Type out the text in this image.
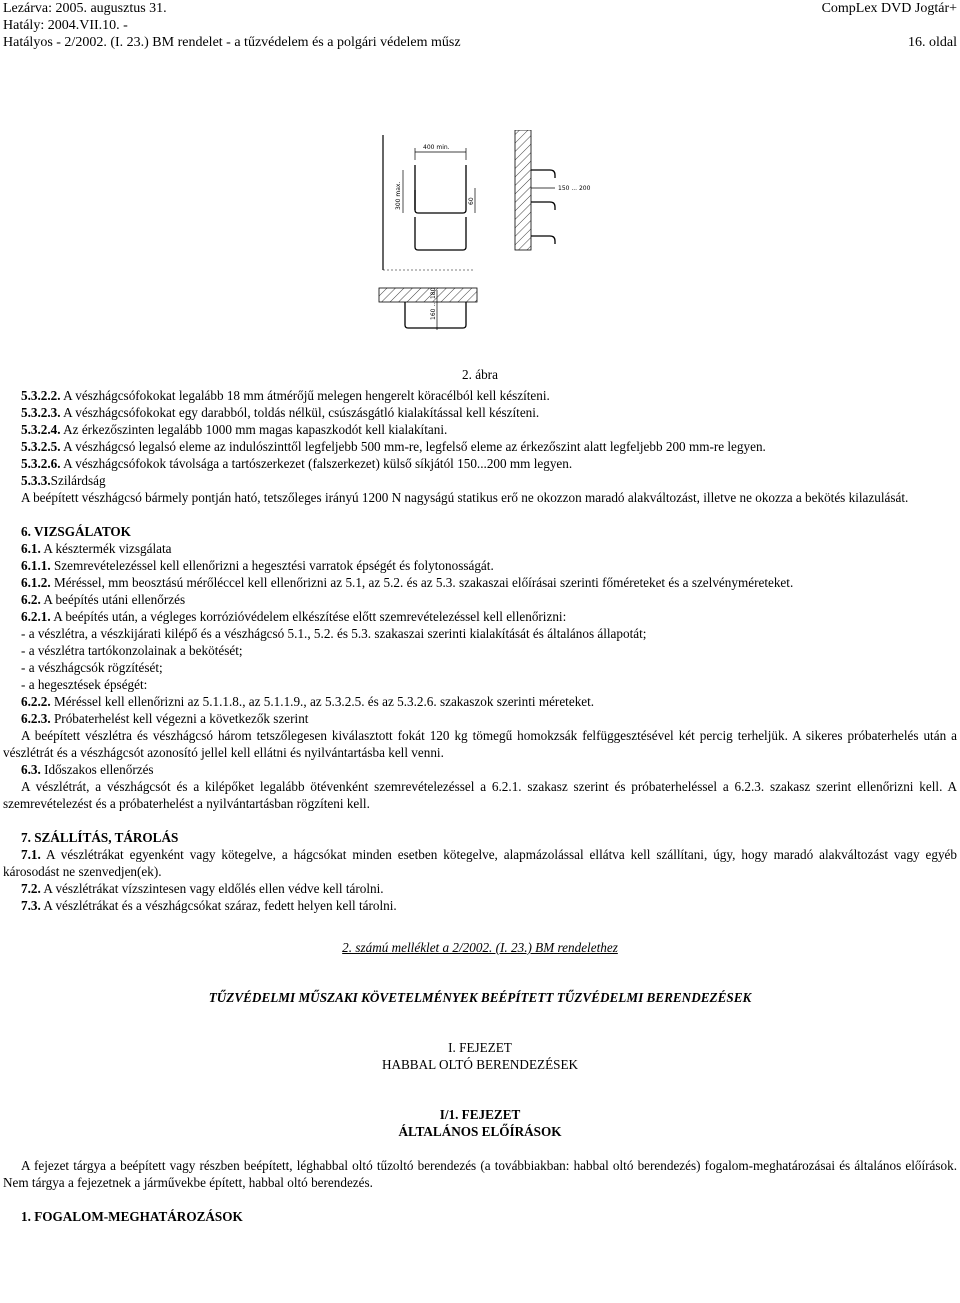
Lezárva: 2005. augusztus 31.	CompLex DVD Jogtár+
Hatály: 2004.VII.10. -
Hatályos - 2/2002. (I. 23.) BM rendelet - a tűzvédelem és a polgári védelem műsz	16. oldal
400 min.
300 max.	60
150 ... 200
160 ... 180
2. ábra

5.3.2.2. A vészhágcsófokokat legalább 18 mm átmérőjű melegen hengerelt köracélból kell készíteni.

5.3.2.3. A vészhágcsófokokat egy darabból, toldás nélkül, csúszásgátló kialakítással kell készíteni.

5.3.2.4. Az érkezőszinten legalább 1000 mm magas kapaszkodót kell kialakítani.

5.3.2.5. A vészhágcsó legalsó eleme az indulószinttől legfeljebb 500 mm-re, legfelső eleme az érkezőszint alatt legfeljebb 200 mm-re legyen.

5.3.2.6. A vészhágcsófokok távolsága a tartószerkezet (falszerkezet) külső síkjától 150...200 mm legyen.

5.3.3.Szilárdság

A beépített vészhágcsó bármely pontján ható, tetszőleges irányú 1200 N nagyságú statikus erő ne okozzon maradó alakváltozást, illetve ne okozza a bekötés kilazulását.

6. VIZSGÁLATOK

6.1. A késztermék vizsgálata

6.1.1. Szemrevételezéssel kell ellenőrizni a hegesztési varratok épségét és folytonosságát.

6.1.2. Méréssel, mm beosztású mérőléccel kell ellenőrizni az 5.1, az 5.2. és az 5.3. szakaszai előírásai szerinti főméreteket és a szelvényméreteket.

6.2. A beépítés utáni ellenőrzés

6.2.1. A beépítés után, a végleges korrózióvédelem elkészítése előtt szemrevételezéssel kell ellenőrizni:

- a vészlétra, a vészkijárati kilépő és a vészhágcsó 5.1., 5.2. és 5.3. szakaszai szerinti kialakítását és általános állapotát;

- a vészlétra tartókonzolainak a bekötését;

- a vészhágcsók rögzítését;

- a hegesztések épségét:

6.2.2. Méréssel kell ellenőrizni az 5.1.1.8., az 5.1.1.9., az 5.3.2.5. és az 5.3.2.6. szakaszok szerinti méreteket.

6.2.3. Próbaterhelést kell végezni a következők szerint

A beépített vészlétra és vészhágcsó három tetszőlegesen kiválasztott fokát 120 kg tömegű homokzsák felfüggesztésével két percig terheljük. A sikeres próbaterhelés után a vészlétrát és a vészhágcsót azonosító jellel kell ellátni és nyilvántartásba kell venni.

6.3. Időszakos ellenőrzés

A vészlétrát, a vészhágcsót és a kilépőket legalább ötévenként szemrevételezéssel a 6.2.1. szakasz szerint és próbaterheléssel a 6.2.3. szakasz szerint ellenőrizni kell. A szemrevételezést és a próbaterhelést a nyilvántartásban rögzíteni kell.

7. SZÁLLÍTÁS, TÁROLÁS

7.1. A vészlétrákat egyenként vagy kötegelve, a hágcsókat minden esetben kötegelve, alapmázolással ellátva kell szállítani, úgy, hogy maradó alakváltozást vagy egyéb károsodást ne szenvedjen(ek).

7.2. A vészlétrákat vízszintesen vagy eldőlés ellen védve kell tárolni.

7.3. A vészlétrákat és a vészhágcsókat száraz, fedett helyen kell tárolni.

2. számú melléklet a 2/2002. (I. 23.) BM rendelethez

TŰZVÉDELMI MŰSZAKI KÖVETELMÉNYEK BEÉPÍTETT TŰZVÉDELMI BERENDEZÉSEK

I. FEJEZET

HABBAL OLTÓ BERENDEZÉSEK

I/1. FEJEZET

ÁLTALÁNOS ELŐÍRÁSOK

A fejezet tárgya a beépített vagy részben beépített, léghabbal oltó tűzoltó berendezés (a továbbiakban: habbal oltó berendezés) fogalom-meghatározásai és általános előírások. Nem tárgya a fejezetnek a járművekbe épített, habbal oltó berendezés.

1. FOGALOM-MEGHATÁROZÁSOK
